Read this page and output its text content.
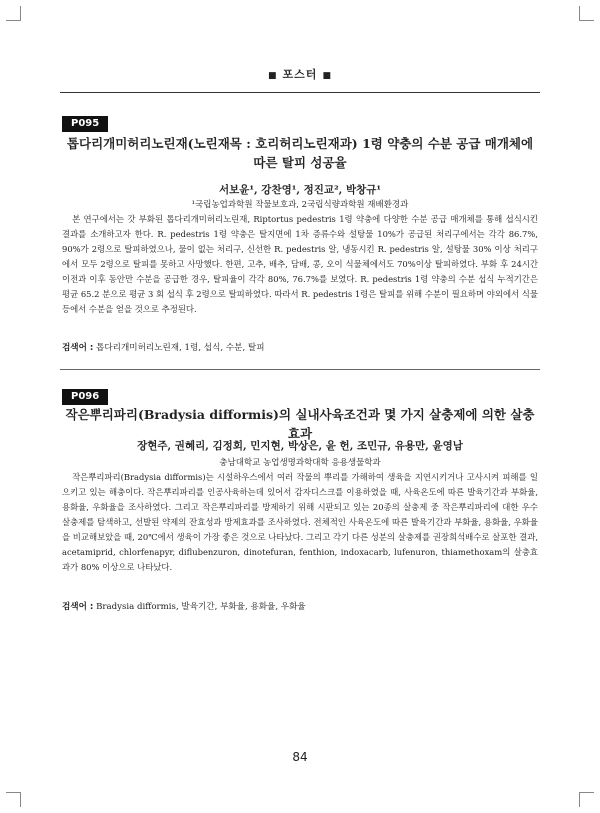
■ 포스터 ■
P095
톱다리개미허리노린재(노린재목 : 호리허리노린재과) 1령 약충의 수분 공급 매개체에
따른 탈피 성공율
서보윤¹, 강찬영¹, 정진교², 박창규¹
¹국립농업과학원 작물보호과, 2국립식량과학원 재배환경과

본 연구에서는 갓 부화된 톱다리개미허리노린재, Riptortus pedestris 1령 약충에 다양한 수분 공급 매개체를 통해 섭식시킨 결과를 소개하고자 한다. R. pedestris 1령 약충은 탈지면에 1차 증류수와 설탕물 10%가 공급된 처리구에서는 각각 86.7%, 90%가 2령으로 탈피하였으나, 물이 없는 처리구, 신선한 R. pedestris 알, 냉동시킨 R. pedestris 알, 설탕물 30% 이상 처리구에서 모두 2령으로 탈피를 못하고 사망했다. 한편, 고추, 배추, 담배, 콩, 오이 식물체에서도 70%이상 탈피하였다. 부화 후 24시간 이전과 이후 동안만 수분을 공급한 경우, 탈피율이 각각 80%, 76.7%를 보였다. R. pedestris 1령 약충의 수분 섭식 누적기간은 평균 65.2 분으로 평균 3 회 섭식 후 2령으로 탈피하였다. 따라서 R. pedestris 1령은 탈피를 위해 수분이 필요하며 야외에서 식물 등에서 수분을 얻을 것으로 추정된다.

검색어 : 톱다리개미허리노린재, 1령, 섭식, 수분, 탈피
P096
작은뿌리파리(Bradysia difformis)의 실내사육조건과 몇 가지 살충제에 의한 살충효과
장현주, 권혜리, 김정회, 민지현, 박상은, 윤 헌, 조민규, 유용만, 윤영남
충남대학교 농업생명과학대학 응용생물학과

작은뿌리파리(Bradysia difformis)는 시설하우스에서 여러 작물의 뿌리를 가해하여 생육을 지연시키거나 고사시켜 피해를 일으키고 있는 해충이다. 작은뿌리파리를 인공사육하는데 있어서 감자디스크를 이용하였을 때, 사육온도에 따른 발육기간과 부화율, 용화율, 우화율을 조사하였다. 그리고 작은뿌리파리를 방제하기 위해 시판되고 있는 20종의 살충제 중 작은뿌리파리에 대한 우수 살충제를 탐색하고, 선발된 약제의 잔효성과 방제효과를 조사하였다. 전체적인 사육온도에 따른 발육기간과 부화율, 용화율, 우화율을 비교해보았을 때, 20℃에서 생육이 가장 좋은 것으로 나타났다. 그리고 각기 다른 성분의 살충제를 권장희석배수로 살포한 결과, acetamiprid, chlorfenapyr, diflubenzuron, dinotefuran, fenthion, indoxacarb, lufenuron, thiamethoxam의 살충효과가 80% 이상으로 나타났다.

검색어 : Bradysia difformis, 발육기간, 부화율, 용화율, 우화율
84
